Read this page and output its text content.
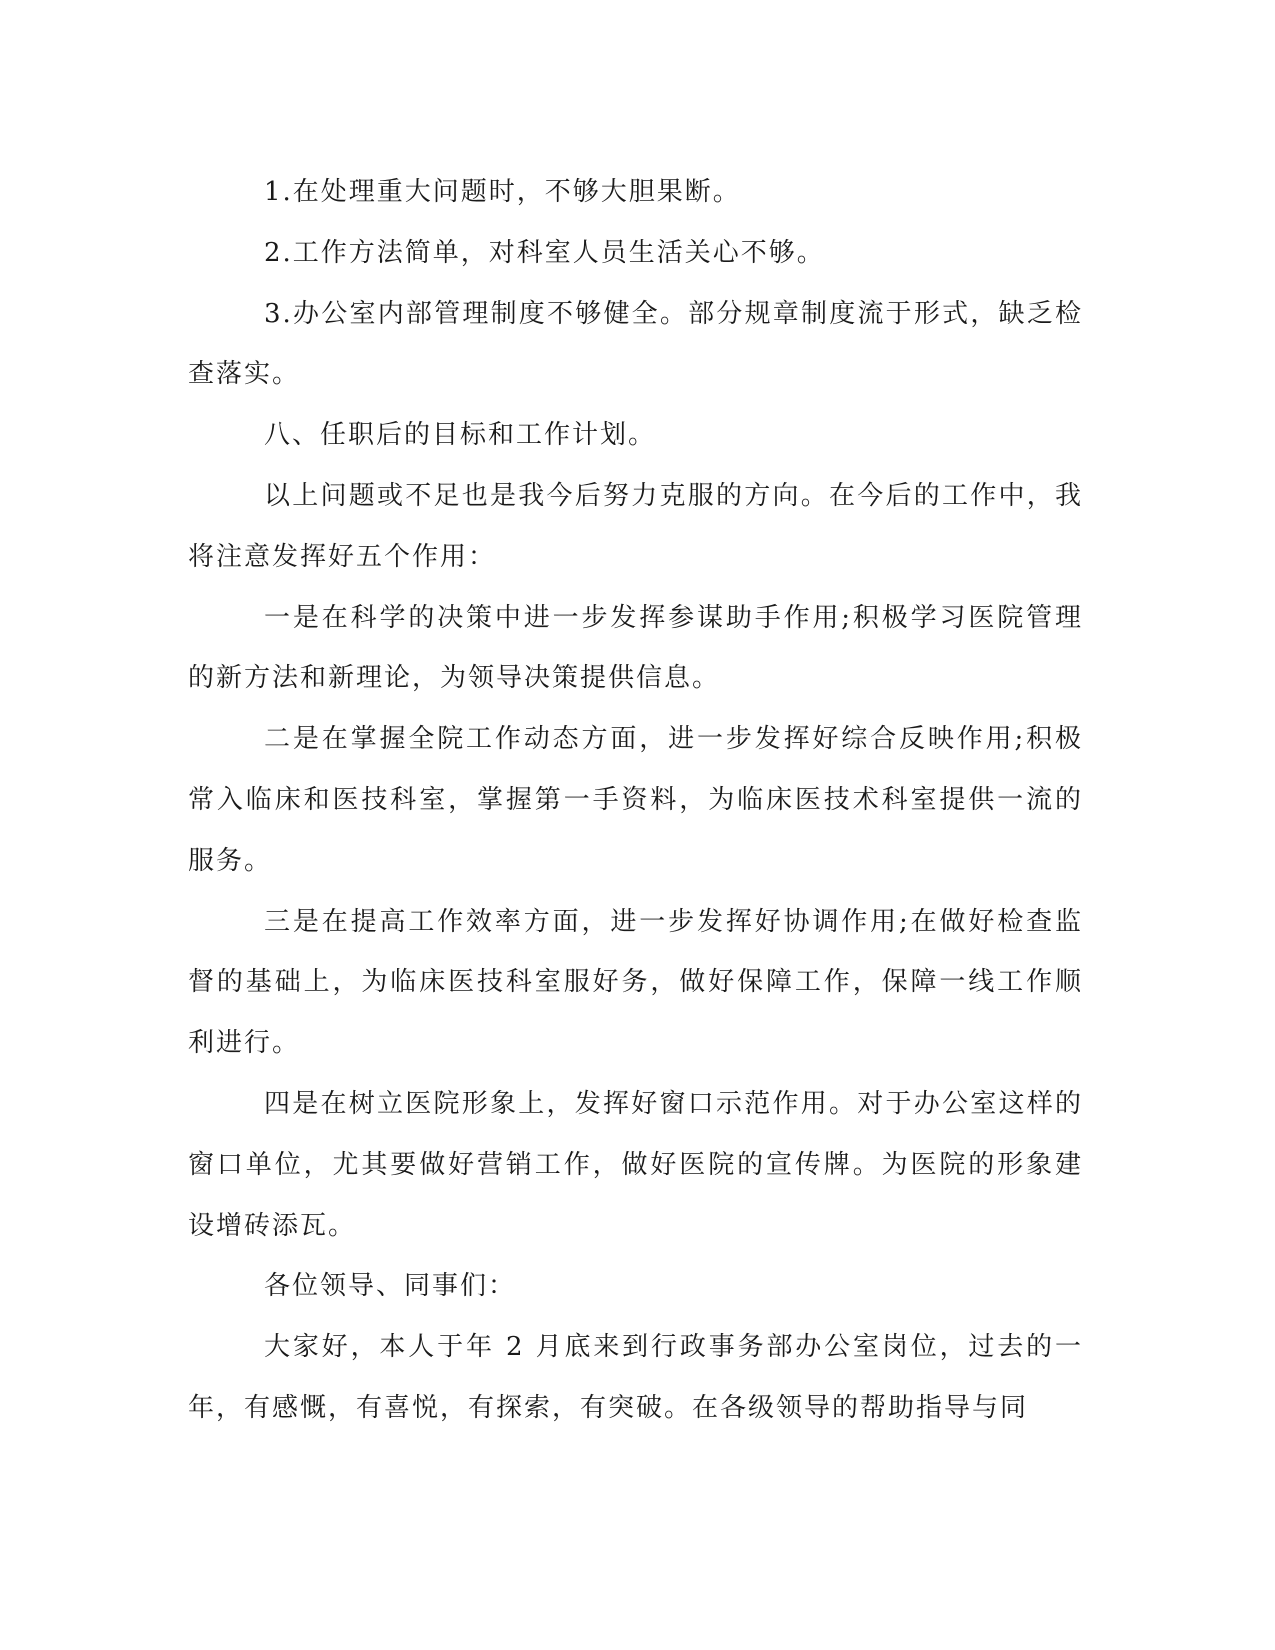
1.在处理重大问题时，不够大胆果断。

2.工作方法简单，对科室人员生活关心不够。

3.办公室内部管理制度不够健全。部分规章制度流于形式，缺乏检查落实。

八、任职后的目标和工作计划。

以上问题或不足也是我今后努力克服的方向。在今后的工作中，我将注意发挥好五个作用：

一是在科学的决策中进一步发挥参谋助手作用;积极学习医院管理的新方法和新理论，为领导决策提供信息。

二是在掌握全院工作动态方面，进一步发挥好综合反映作用;积极常入临床和医技科室，掌握第一手资料，为临床医技术科室提供一流的服务。

三是在提高工作效率方面，进一步发挥好协调作用;在做好检查监督的基础上，为临床医技科室服好务，做好保障工作，保障一线工作顺利进行。

四是在树立医院形象上，发挥好窗口示范作用。对于办公室这样的窗口单位，尤其要做好营销工作，做好医院的宣传牌。为医院的形象建设增砖添瓦。

各位领导、同事们：

大家好，本人于年 2 月底来到行政事务部办公室岗位，过去的一年，有感慨，有喜悦，有探索，有突破。在各级领导的帮助指导与同
